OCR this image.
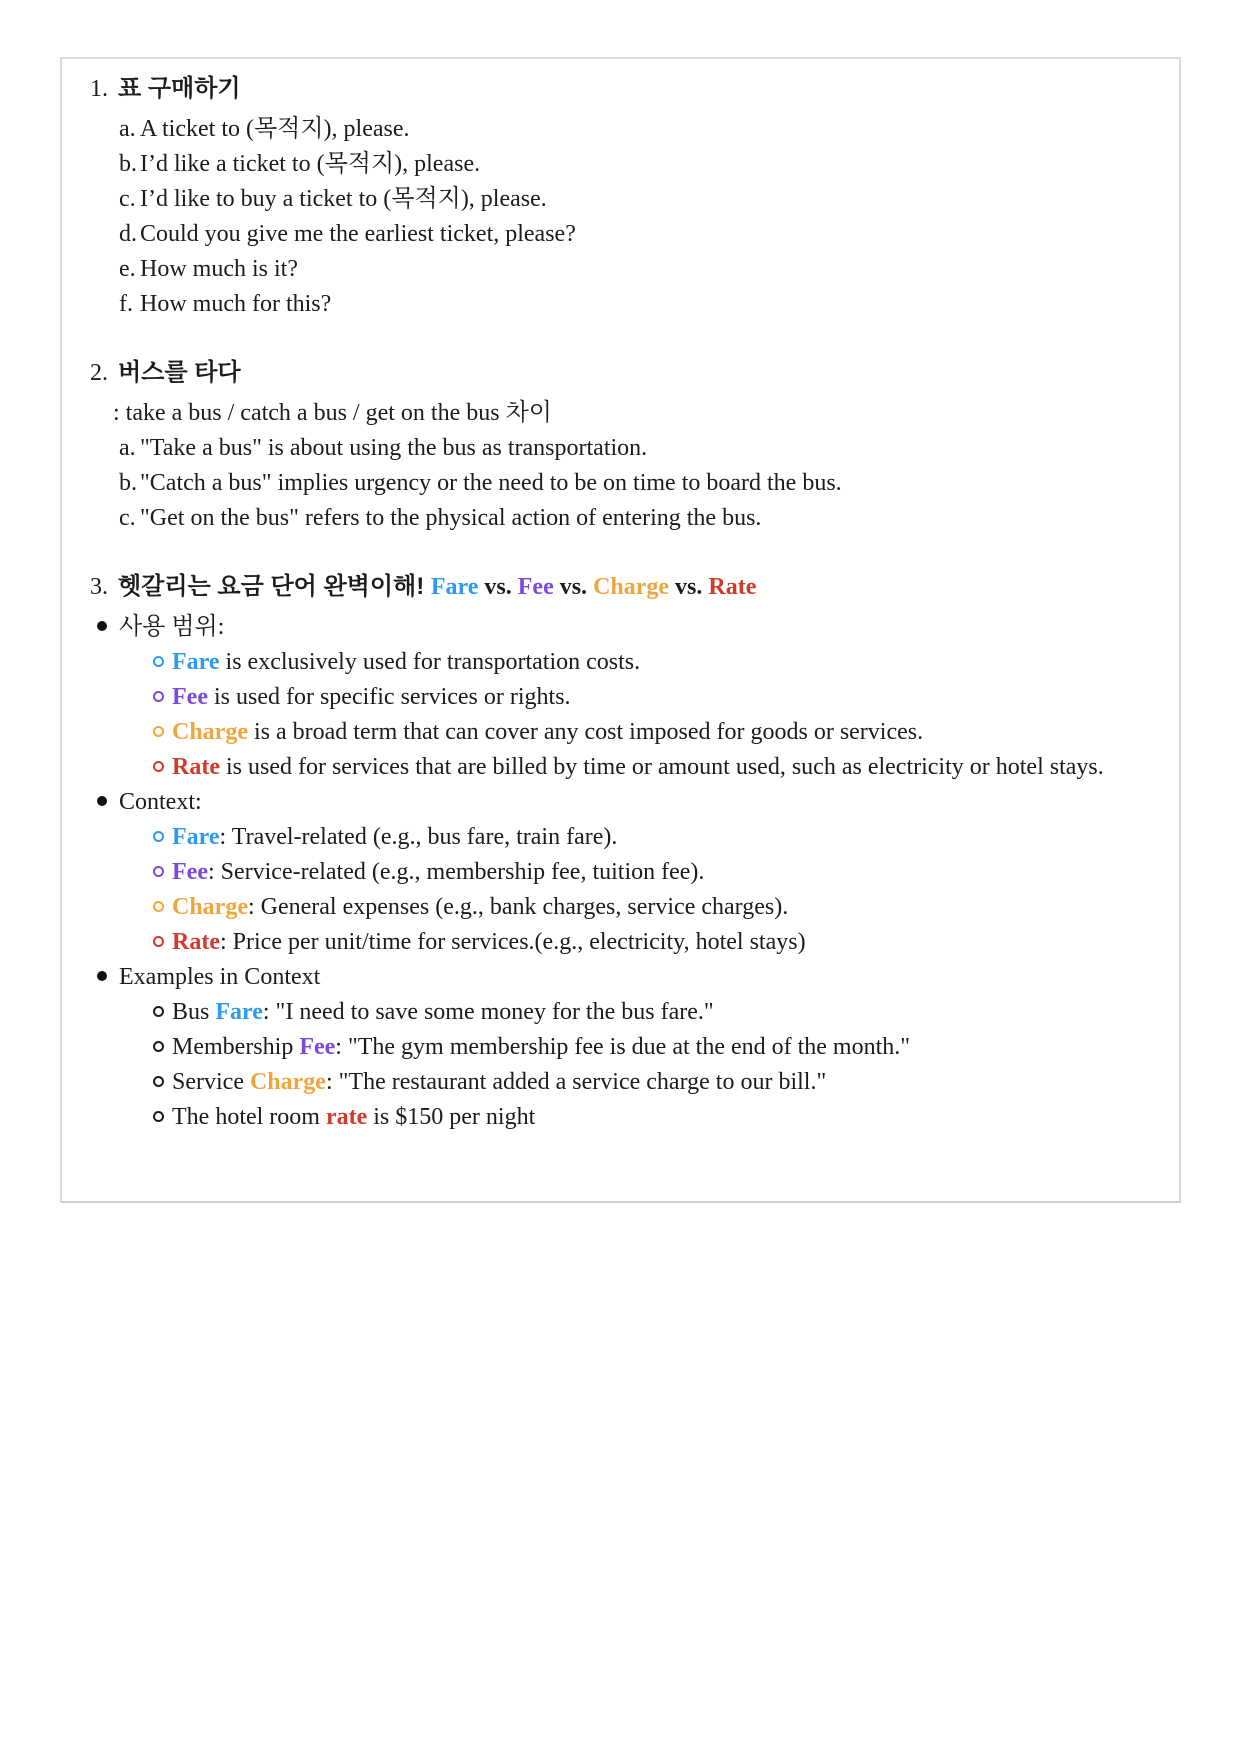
1. 표 구매하기
a. A ticket to (목적지), please.
b. I’d like a ticket to (목적지), please.
c. I’d like to buy a ticket to (목적지), please.
d. Could you give me the earliest ticket, please?
e. How much is it?
f. How much for this?
2. 버스를 타다
: take a bus / catch a bus / get on the bus 차이
a. "Take a bus" is about using the bus as transportation.
b. "Catch a bus" implies urgency or the need to be on time to board the bus.
c. "Get on the bus" refers to the physical action of entering the bus.
3. 헷갈리는 요금 단어 완벽이해! Fare vs. Fee vs. Charge vs. Rate
사용 범위:
Fare is exclusively used for transportation costs.
Fee is used for specific services or rights.
Charge is a broad term that can cover any cost imposed for goods or services.
Rate is used for services that are billed by time or amount used, such as electricity or hotel stays.
Context:
Fare: Travel-related (e.g., bus fare, train fare).
Fee: Service-related (e.g., membership fee, tuition fee).
Charge: General expenses (e.g., bank charges, service charges).
Rate: Price per unit/time for services.(e.g., electricity, hotel stays)
Examples in Context
Bus Fare: "I need to save some money for the bus fare."
Membership Fee: "The gym membership fee is due at the end of the month."
Service Charge: "The restaurant added a service charge to our bill."
The hotel room rate is $150 per night
